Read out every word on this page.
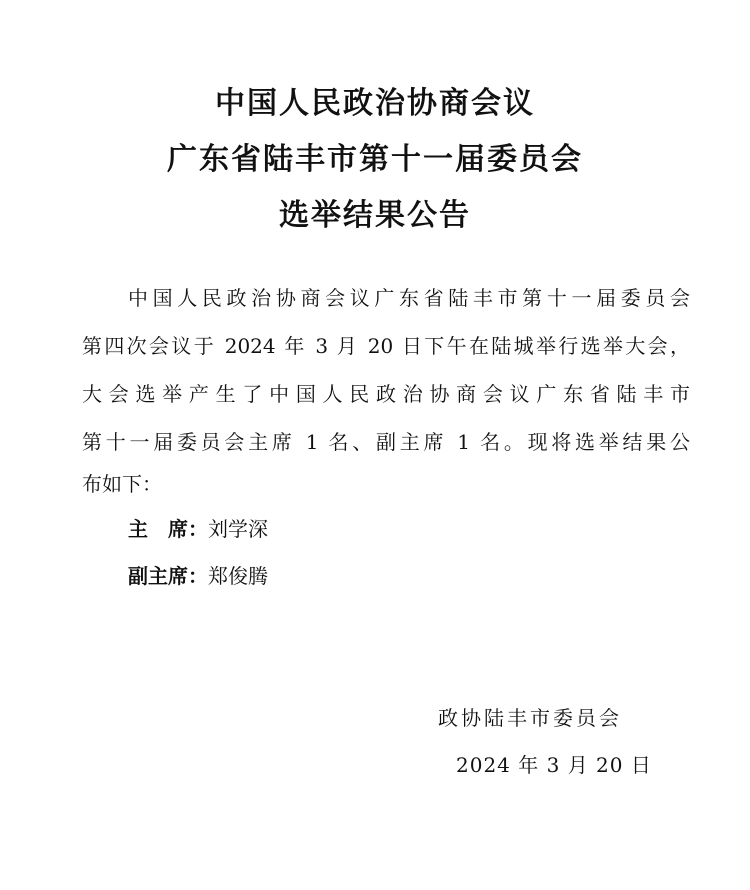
中国人民政治协商会议
广东省陆丰市第十一届委员会
选举结果公告
中国人民政治协商会议广东省陆丰市第十一届委员会
第四次会议于 2024 年 3 月 20 日下午在陆城举行选举大会，
大会选举产生了中国人民政治协商会议广东省陆丰市
第十一届委员会主席 1 名、副主席 1 名。现将选举结果公
布如下：
主　席：刘学深
副主席：郑俊腾
政协陆丰市委员会
2024 年 3 月 20 日
